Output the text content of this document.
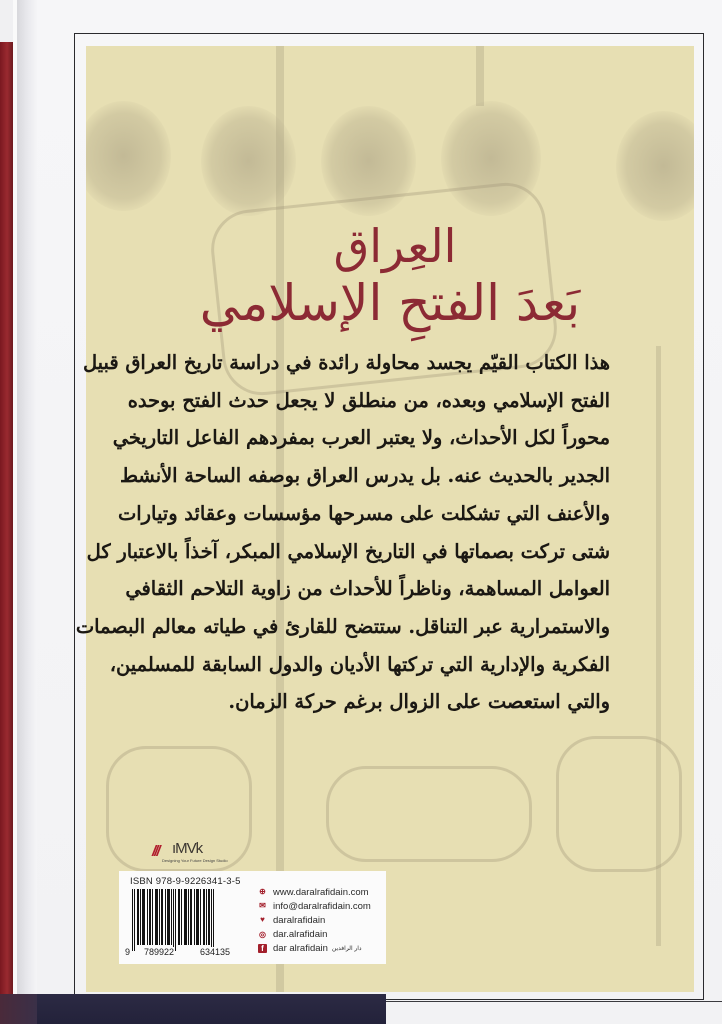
العِراق
بَعدَ الفتحِ الإسلامي
هذا الكتاب القيّم يجسد محاولة رائدة في دراسة تاريخ العراق قبيل
الفتح الإسلامي وبعده، من منطلق لا يجعل حدث الفتح بوحده
محوراً لكل الأحداث، ولا يعتبر العرب بمفردهم الفاعل التاريخي
الجدير بالحديث عنه. بل يدرس العراق بوصفه الساحة الأنشط
والأعنف التي تشكلت على مسرحها مؤسسات وعقائد وتيارات
شتى تركت بصماتها في التاريخ الإسلامي المبكر، آخذاً بالاعتبار كل
العوامل المساهمة، وناظراً للأحداث من زاوية التلاحم الثقافي
والاستمرارية عبر التناقل. ستتضح للقارئ في طياته معالم البصمات
الفكرية والإدارية التي تركتها الأديان والدول السابقة للمسلمين،
والتي استعصت على الزوال برغم حركة الزمان.
/// ıMVk
Designing Your Future Design Studio
ISBN 978-9-9226341-3-5
9 789922	634135
⊕ www.daralrafidain.com
✉ info@daralrafidain.com
♥ daralrafidain
◎ dar.alrafidain
f dar alrafidain دار الرافدين
